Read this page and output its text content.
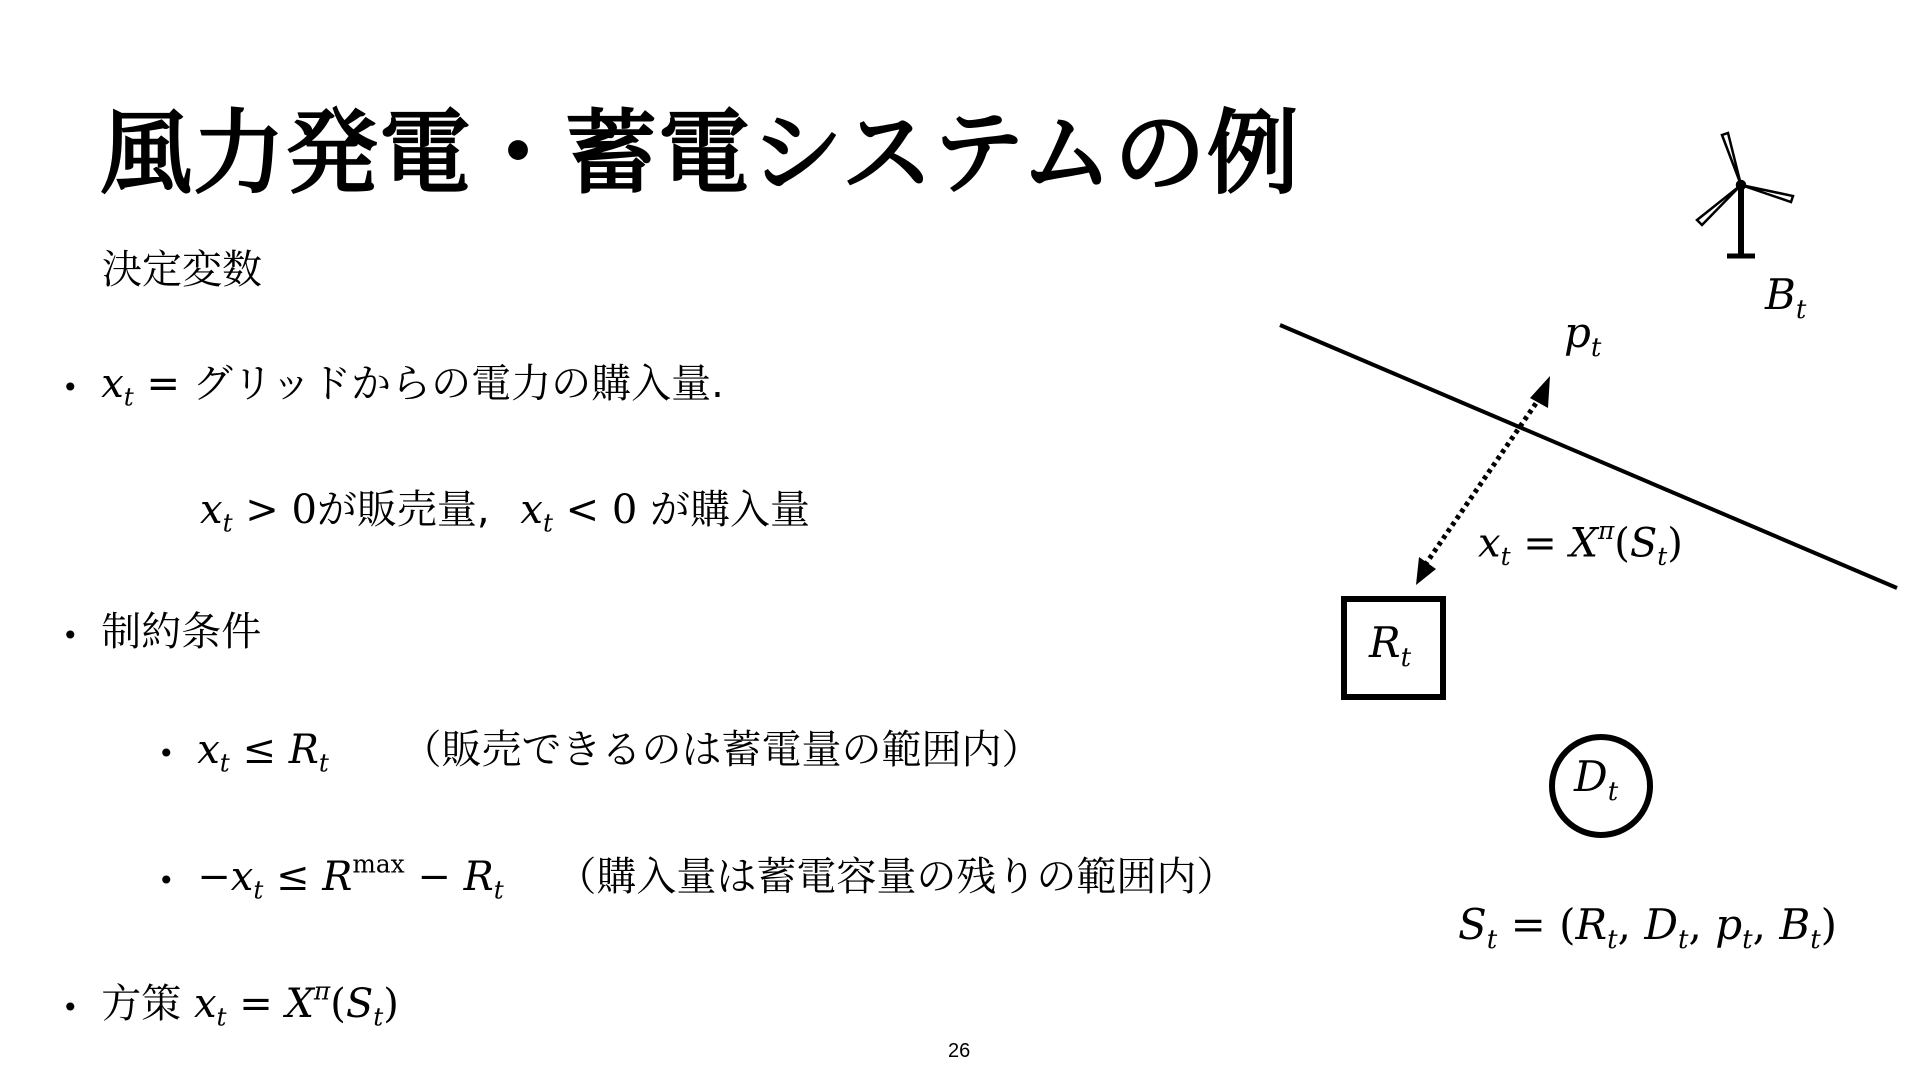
風力発電・蓄電システムの例
決定変数
• $x_t$ = グリッドからの電力の購入量.
$x_t > 0$が販売量, $x_t < 0$ が購入量
• 制約条件
• $x_t \le R_t$ （販売できるのは蓄電量の範囲内）
• $-x_t \le R^{max} - R_t$ （購入量は蓄電容量の残りの範囲内）
• 方策 $x_t = X^\pi(S_t)$
$B_t$
$p_t$
$x_t = X^\pi(S_t)$
$R_t$
$D_t$
$S_t = (R_t$, $D_t$, $p_t$, $B_t$)
26
